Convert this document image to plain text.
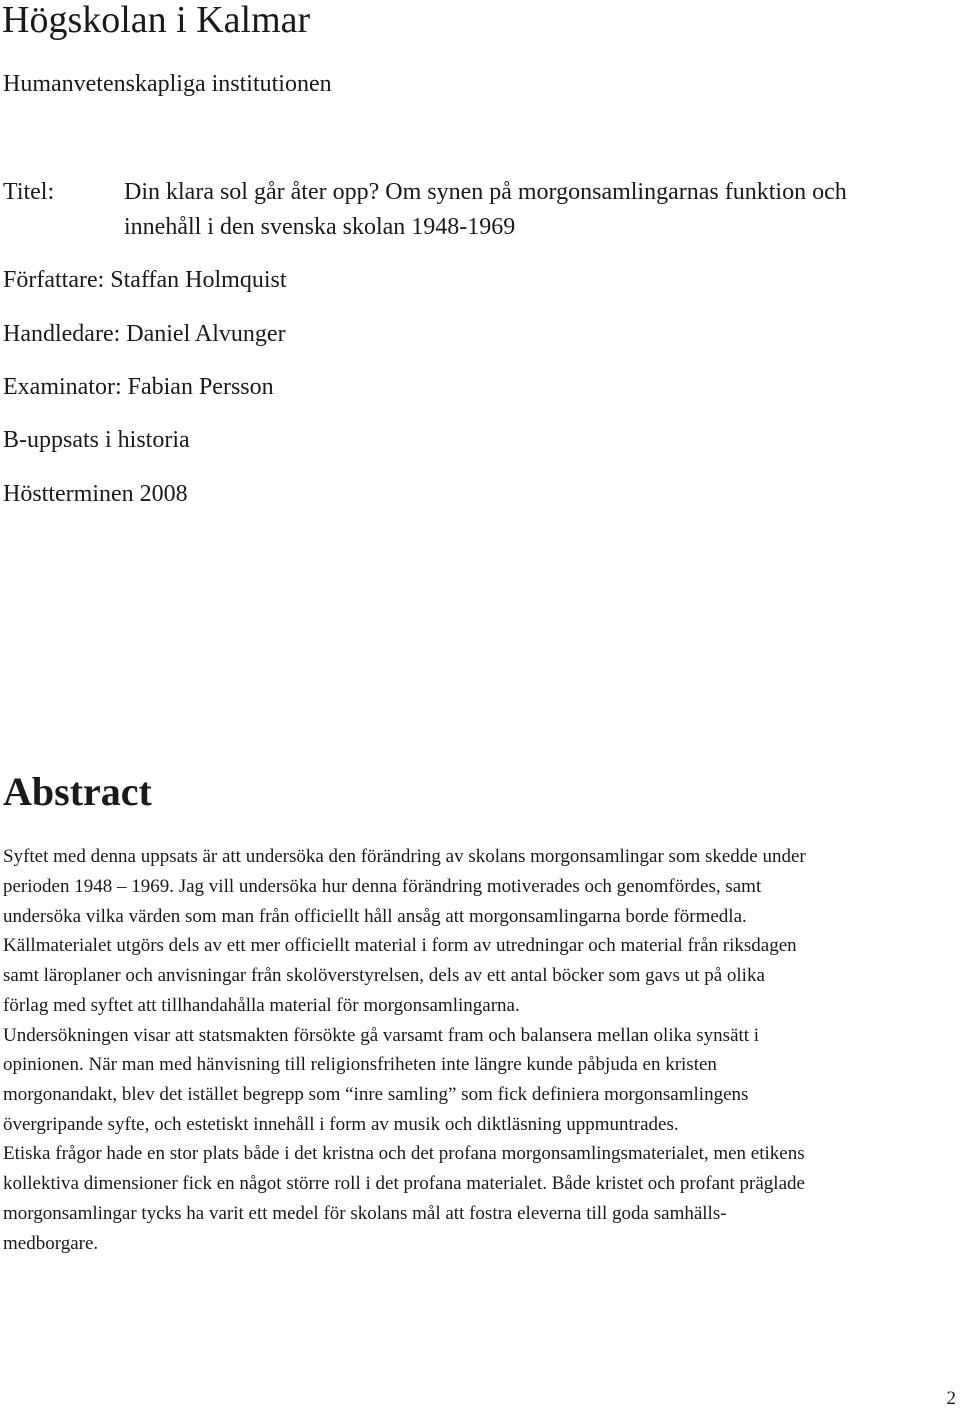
Högskolan i Kalmar
Humanvetenskapliga institutionen
Titel:	Din klara sol går åter opp? Om synen på morgonsamlingarnas funktion och
innehåll i den svenska skolan 1948-1969
Författare: Staffan Holmquist
Handledare: Daniel Alvunger
Examinator: Fabian Persson
B-uppsats i historia
Höstterminen 2008
Abstract
Syftet med denna uppsats är att undersöka den förändring av skolans morgonsamlingar som skedde under
perioden 1948 – 1969. Jag vill undersöka hur denna förändring motiverades och genomfördes, samt
undersöka vilka värden som man från officiellt håll ansåg att morgonsamlingarna borde förmedla.
Källmaterialet utgörs dels av ett mer officiellt material i form av utredningar och material från riksdagen
samt läroplaner och anvisningar från skolöverstyrelsen, dels av ett antal böcker som gavs ut på olika
förlag med syftet att tillhandahålla material för morgonsamlingarna.
Undersökningen visar att statsmakten försökte gå varsamt fram och balansera mellan olika synsätt i
opinionen. När man med hänvisning till religionsfriheten inte längre kunde påbjuda en kristen
morgonandakt, blev det istället begrepp som “inre samling” som fick definiera morgonsamlingens
övergripande syfte, och estetiskt innehåll i form av musik och diktläsning uppmuntrades.
Etiska frågor hade en stor plats både i det kristna och det profana morgonsamlingsmaterialet, men etikens
kollektiva dimensioner fick en något större roll i det profana materialet. Både kristet och profant präglade
morgonsamlingar tycks ha varit ett medel för skolans mål att fostra eleverna till goda samhälls-
medborgare.
2
